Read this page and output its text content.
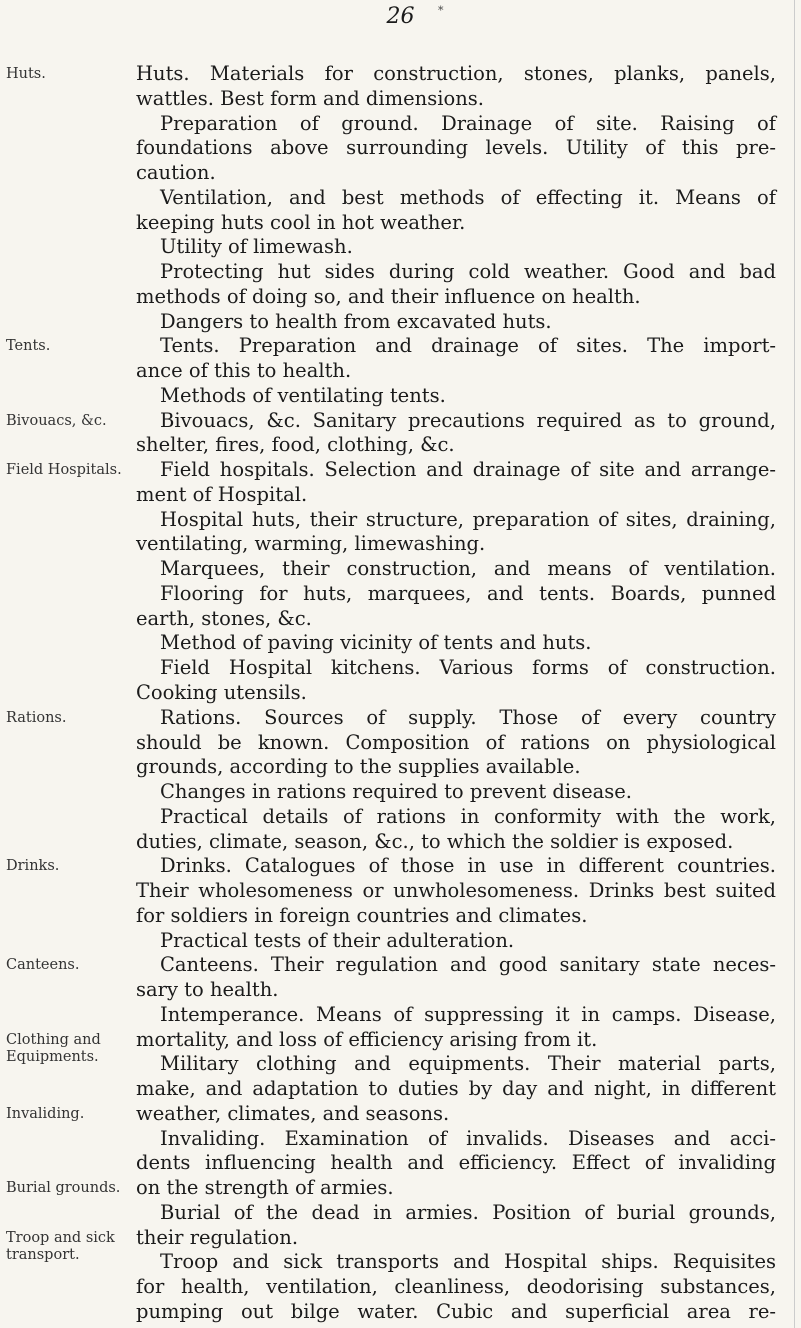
*
26
Huts.
Tents.
Bivouacs, &c.
Field Hospitals.
Rations.
Drinks.
Canteens.
Clothing and Equipments.
Invaliding.
Burial grounds.
Troop and sick transport.
Huts. Materials for construction, stones, planks, panels,
wattles. Best form and dimensions.
Preparation of ground. Drainage of site. Raising of
foundations above surrounding levels. Utility of this pre-
caution.
Ventilation, and best methods of effecting it. Means of
keeping huts cool in hot weather.
Utility of limewash.
Protecting hut sides during cold weather. Good and bad
methods of doing so, and their influence on health.
Dangers to health from excavated huts.
Tents. Preparation and drainage of sites. The import-
ance of this to health.
Methods of ventilating tents.
Bivouacs, &c. Sanitary precautions required as to ground,
shelter, fires, food, clothing, &c.
Field hospitals. Selection and drainage of site and arrange-
ment of Hospital.
Hospital huts, their structure, preparation of sites, draining,
ventilating, warming, limewashing.
Marquees, their construction, and means of ventilation.
Flooring for huts, marquees, and tents. Boards, punned
earth, stones, &c.
Method of paving vicinity of tents and huts.
Field Hospital kitchens. Various forms of construction.
Cooking utensils.
Rations. Sources of supply. Those of every country
should be known. Composition of rations on physiological
grounds, according to the supplies available.
Changes in rations required to prevent disease.
Practical details of rations in conformity with the work,
duties, climate, season, &c., to which the soldier is exposed.
Drinks. Catalogues of those in use in different countries.
Their wholesomeness or unwholesomeness. Drinks best suited
for soldiers in foreign countries and climates.
Practical tests of their adulteration.
Canteens. Their regulation and good sanitary state neces-
sary to health.
Intemperance. Means of suppressing it in camps. Disease,
mortality, and loss of efficiency arising from it.
Military clothing and equipments. Their material parts,
make, and adaptation to duties by day and night, in different
weather, climates, and seasons.
Invaliding. Examination of invalids. Diseases and acci-
dents influencing health and efficiency. Effect of invaliding
on the strength of armies.
Burial of the dead in armies. Position of burial grounds,
their regulation.
Troop and sick transports and Hospital ships. Requisites
for health, ventilation, cleanliness, deodorising substances,
pumping out bilge water. Cubic and superficial area re-
